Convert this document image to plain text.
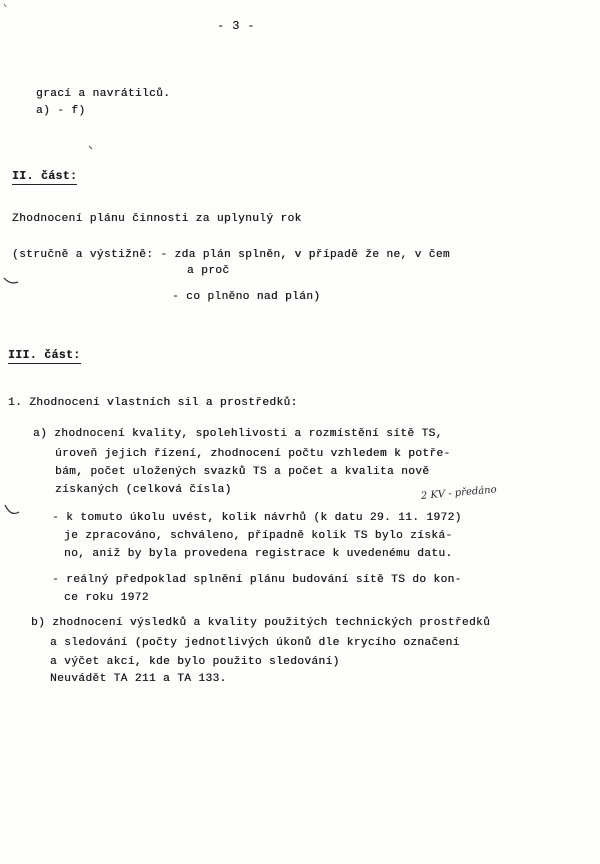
- 3 -
grací a navrátilců.
a) - f)
II. část:
Zhodnocení plánu činnosti za uplynulý rok
(stručně a výstižně: - zda plán splněn, v případě že ne, v čem
a proč
- co plněno nad plán)
III. část:
1. Zhodnocení vlastních sil a prostředků:
a) zhodnocení kvality, spolehlivosti a rozmístění sítě TS,
úroveň jejich řízení, zhodnocení počtu vzhledem k potře-
bám, počet uložených svazků TS a počet a kvalita nově
získaných (celková čísla)	2 KV - předáno
- k tomuto úkolu uvést, kolik návrhů (k datu 29. 11. 1972)
je zpracováno, schváleno, případně kolik TS bylo získá-
no, aniž by byla provedena registrace k uvedenému datu.
- reálný předpoklad splnění plánu budování sítě TS do kon-
ce roku 1972
b) zhodnocení výsledků a kvality použitých technických prostředků
a sledování (počty jednotlivých úkonů dle krycího označení
a výčet akcí, kde bylo použito sledování)
Neuvádět TA 211 a TA 133.
